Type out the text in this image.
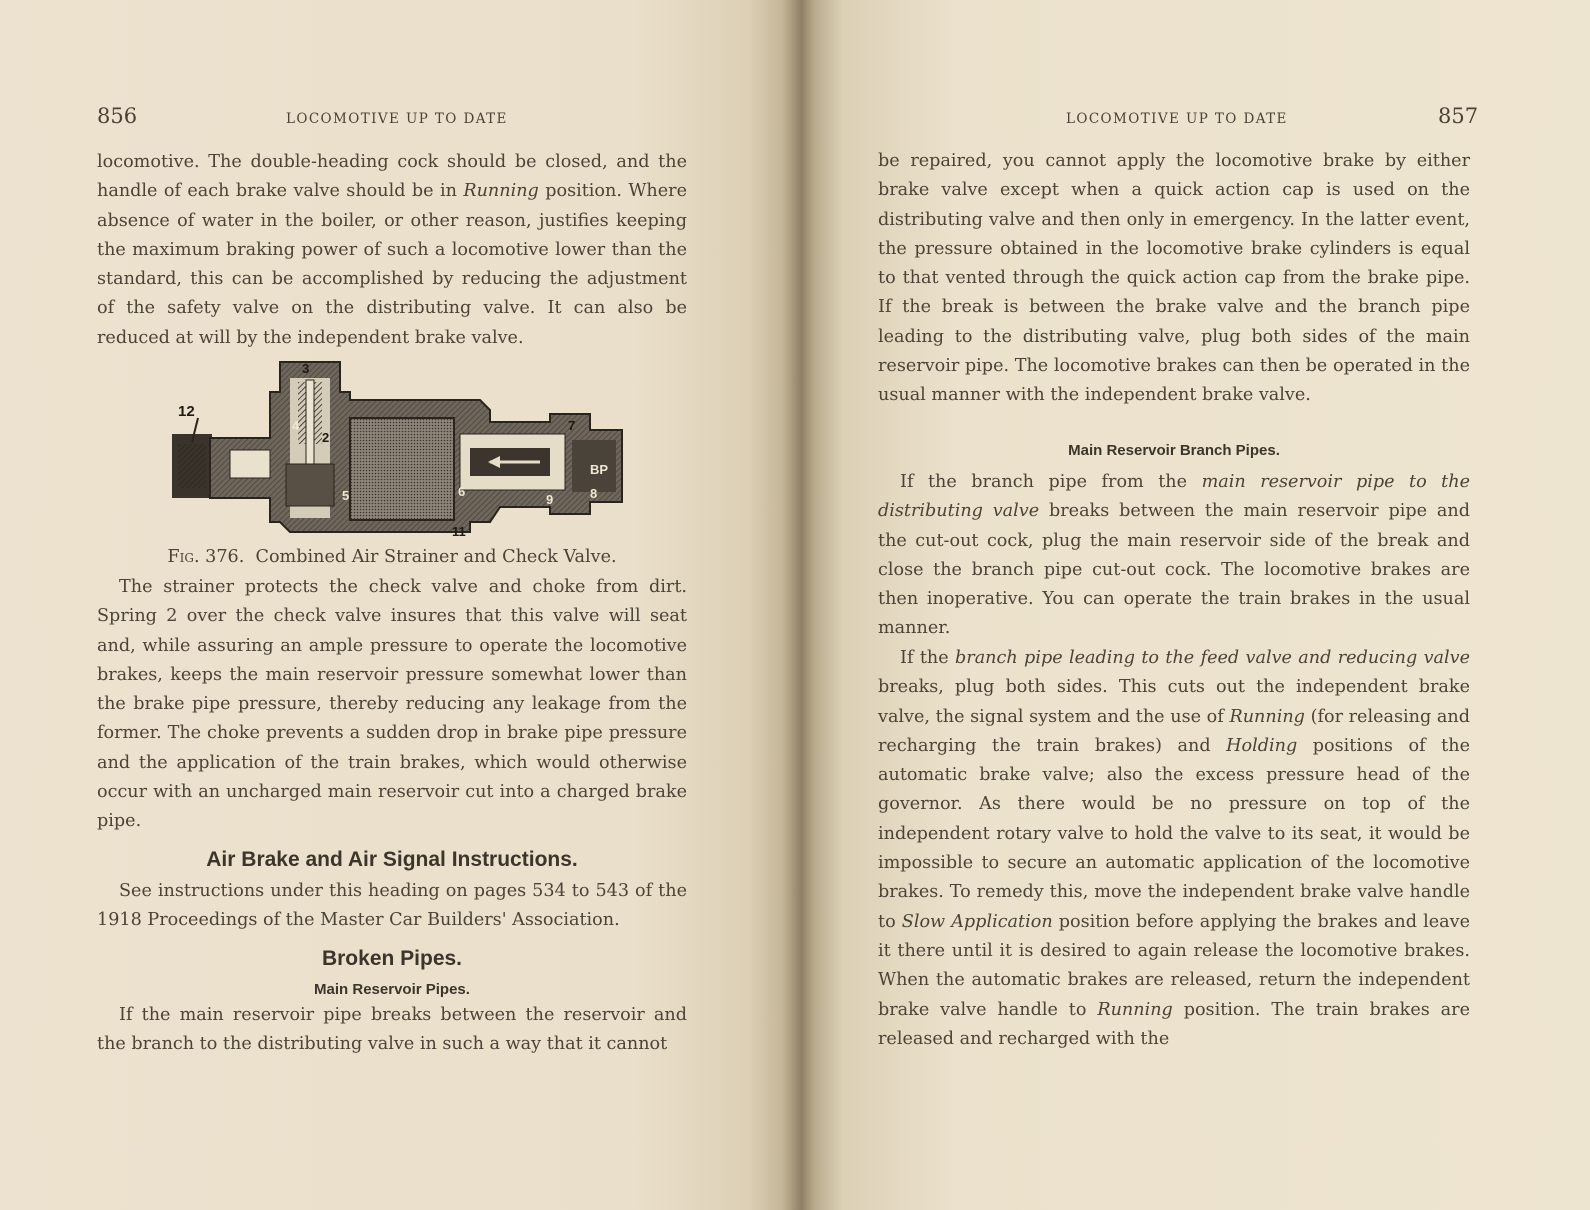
856	LOCOMOTIVE UP TO DATE

locomotive. The double-heading cock should be closed, and the handle of each brake valve should be in Running position. Where absence of water in the boiler, or other reason, justifies keeping the maximum braking power of such a locomotive lower than the standard, this can be accomplished by reducing the adjustment of the safety valve on the distributing valve. It can also be reduced at will by the independent brake valve.

12
3
4
2
5	6
11
9	8
7
BP
Fig. 376. Combined Air Strainer and Check Valve.

The strainer protects the check valve and choke from dirt. Spring 2 over the check valve insures that this valve will seat and, while assuring an ample pressure to operate the locomotive brakes, keeps the main reservoir pressure somewhat lower than the brake pipe pressure, thereby reducing any leakage from the former. The choke prevents a sudden drop in brake pipe pressure and the application of the train brakes, which would otherwise occur with an uncharged main reservoir cut into a charged brake pipe.

Air Brake and Air Signal Instructions.

See instructions under this heading on pages 534 to 543 of the 1918 Proceedings of the Master Car Builders' Association.

Broken Pipes.
Main Reservoir Pipes.

If the main reservoir pipe breaks between the reservoir and the branch to the distributing valve in such a way that it cannot

LOCOMOTIVE UP TO DATE	857

be repaired, you cannot apply the locomotive brake by either brake valve except when a quick action cap is used on the distributing valve and then only in emergency. In the latter event, the pressure obtained in the locomotive brake cylinders is equal to that vented through the quick action cap from the brake pipe. If the break is between the brake valve and the branch pipe leading to the distributing valve, plug both sides of the main reservoir pipe. The locomotive brakes can then be operated in the usual manner with the independent brake valve.

Main Reservoir Branch Pipes.

If the branch pipe from the main reservoir pipe to the distributing valve breaks between the main reservoir pipe and the cut-out cock, plug the main reservoir side of the break and close the branch pipe cut-out cock. The locomotive brakes are then inoperative. You can operate the train brakes in the usual manner.

If the branch pipe leading to the feed valve and reducing valve breaks, plug both sides. This cuts out the independent brake valve, the signal system and the use of Running (for releasing and recharging the train brakes) and Holding positions of the automatic brake valve; also the excess pressure head of the governor. As there would be no pressure on top of the independent rotary valve to hold the valve to its seat, it would be impossible to secure an automatic application of the locomotive brakes. To remedy this, move the independent brake valve handle to Slow Application position before applying the brakes and leave it there until it is desired to again release the locomotive brakes. When the automatic brakes are released, return the independent brake valve handle to Running position. The train brakes are released and recharged with the
